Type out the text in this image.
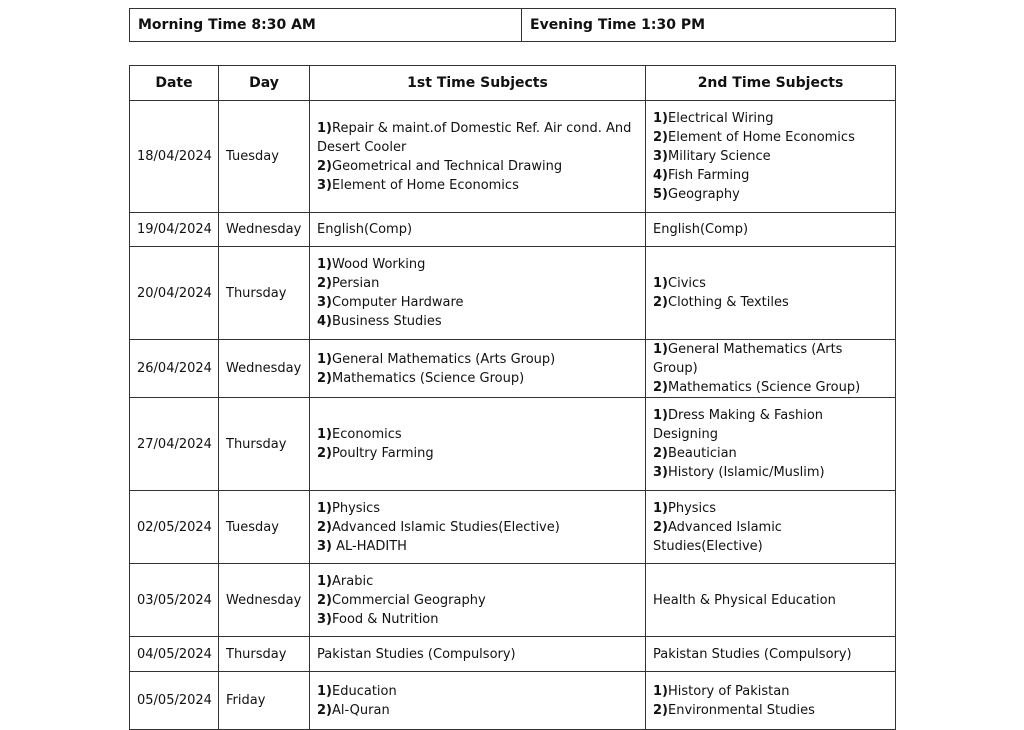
Morning Time 8:30 AM	Evening Time 1:30 PM
Date	Day	1st Time Subjects	2nd Time Subjects
18/04/2024	Tuesday	1)Repair & maint.of Domestic Ref. Air cond. And Desert Cooler
2)Geometrical and Technical Drawing
3)Element of Home Economics	1)Electrical Wiring
2)Element of Home Economics
3)Military Science
4)Fish Farming
5)Geography

19/04/2024	Wednesday	English(Comp)	English(Comp)

20/04/2024	Thursday	1)Wood Working
2)Persian
3)Computer Hardware
4)Business Studies	1)Civics
2)Clothing & Textiles

26/04/2024	Wednesday	1)General Mathematics (Arts Group)
2)Mathematics (Science Group)	1)General Mathematics (Arts Group)
2)Mathematics (Science Group)

27/04/2024	Thursday	1)Economics
2)Poultry Farming	1)Dress Making & Fashion Designing
2)Beautician
3)History (Islamic/Muslim)

02/05/2024	Tuesday	1)Physics
2)Advanced Islamic Studies(Elective)
3) AL-HADITH	1)Physics
2)Advanced Islamic Studies(Elective)

03/05/2024	Wednesday	1)Arabic
2)Commercial Geography
3)Food & Nutrition	Health & Physical Education

04/05/2024	Thursday	Pakistan Studies (Compulsory)	Pakistan Studies (Compulsory)

05/05/2024	Friday	1)Education
2)Al-Quran	1)History of Pakistan
2)Environmental Studies
